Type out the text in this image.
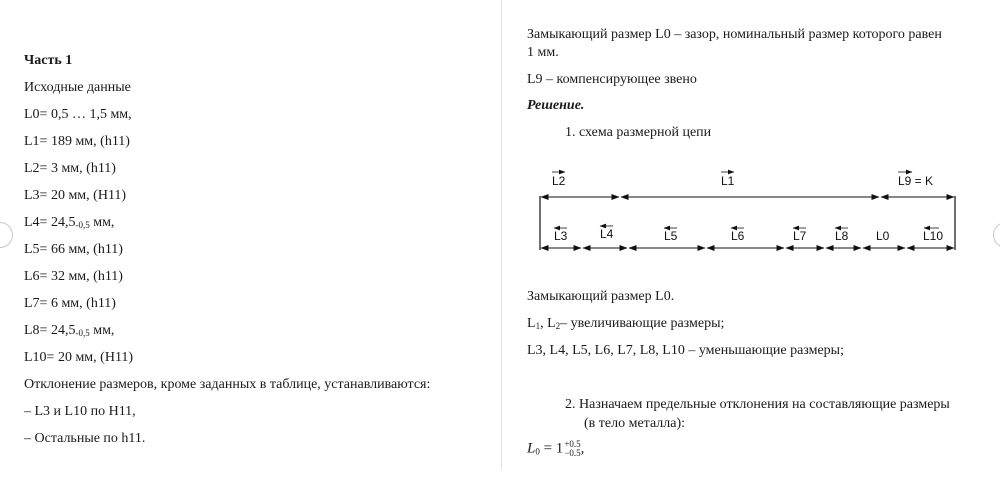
Часть 1
Исходные данные
L0= 0,5 … 1,5 мм,
L1= 189 мм, (h11)
L2= 3 мм, (h11)
L3= 20 мм, (H11)
$L4= 24,5_{-0,5}$ мм,
L5= 66 мм, (h11)
L6= 32 мм, (h11)
L7= 6 мм, (h11)
$L8= 24,5_{-0,5}$ мм,
L10= 20 мм, (H11)
Отклонение размеров, кроме заданных в таблице, устанавливаются:
– L3 и L10 по H11,
– Остальные по h11.
Замыкающий размер L0 – зазор, номинальный размер которого равен
1 мм.
L9 – компенсирующее звено
Решение.
1. схема размерной цепи
L2	L1	L9 = K
L3	L4	L5	L6	L7 L8 L0	L10
Замыкающий размер L0.
$L_1$, $L_2-$ увеличивающие размеры;
L3, L4, L5, L6, L7, L8, L10 – уменьшающие размеры;
2. Назначаем предельные отклонения на составляющие размеры
(в тело металла):
$L_0 = 1 +0.5$
−0.5 ,
